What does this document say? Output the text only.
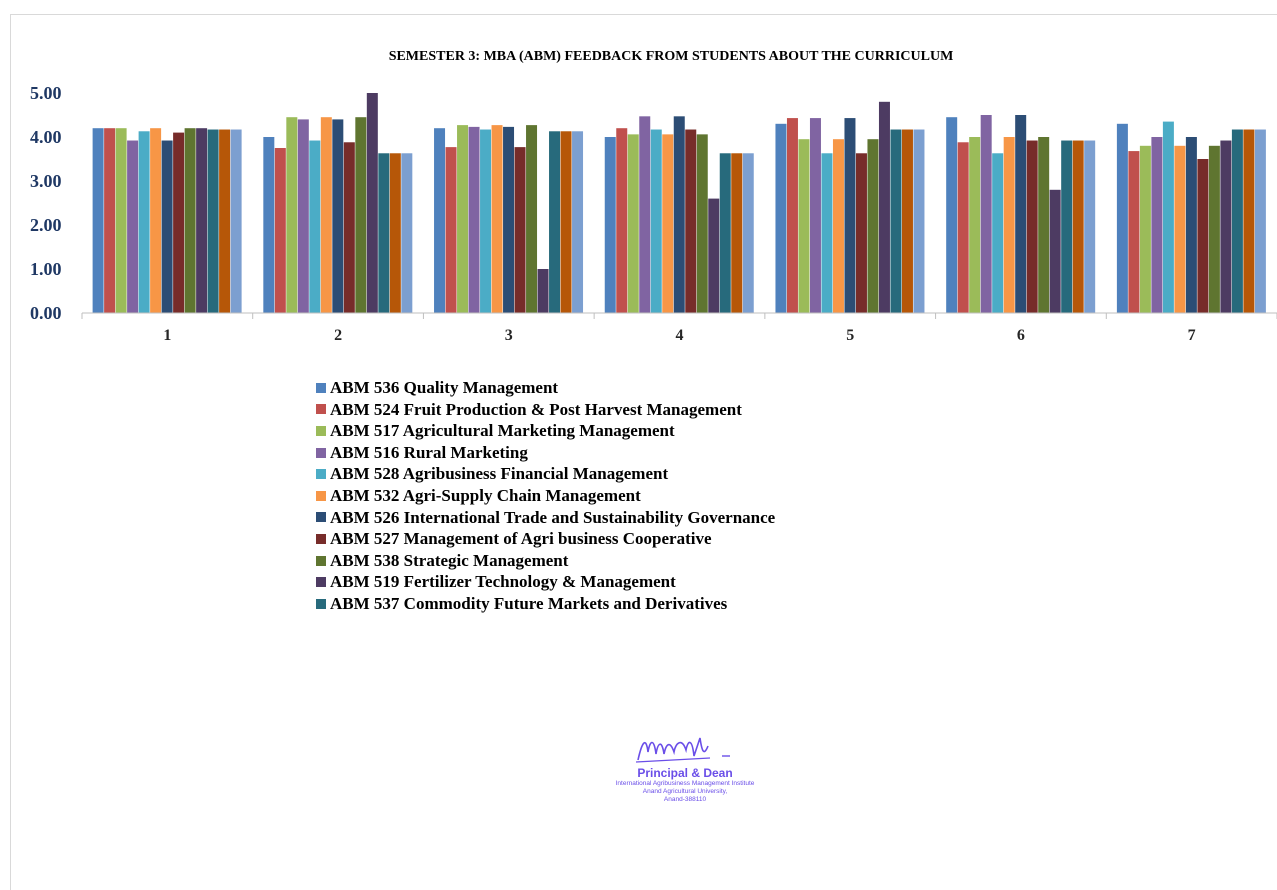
SEMESTER 3: MBA (ABM) FEEDBACK FROM STUDENTS ABOUT THE CURRICULUM
0.00
1.00
2.00
3.00
4.00
5.00
1	2	3	4	5	6	7
ABM 536 Quality Management
ABM 524 Fruit Production & Post Harvest Management
ABM 517 Agricultural Marketing Management
ABM 516 Rural Marketing
ABM 528 Agribusiness Financial Management
ABM 532 Agri-Supply Chain Management
ABM 526 International Trade and Sustainability Governance
ABM 527 Management of Agri business Cooperative
ABM 538 Strategic Management
ABM 519 Fertilizer Technology & Management
ABM 537 Commodity Future Markets and Derivatives
Principal & Dean
International Agribusiness Management Institute
Anand Agricultural University,
Anand-388110
